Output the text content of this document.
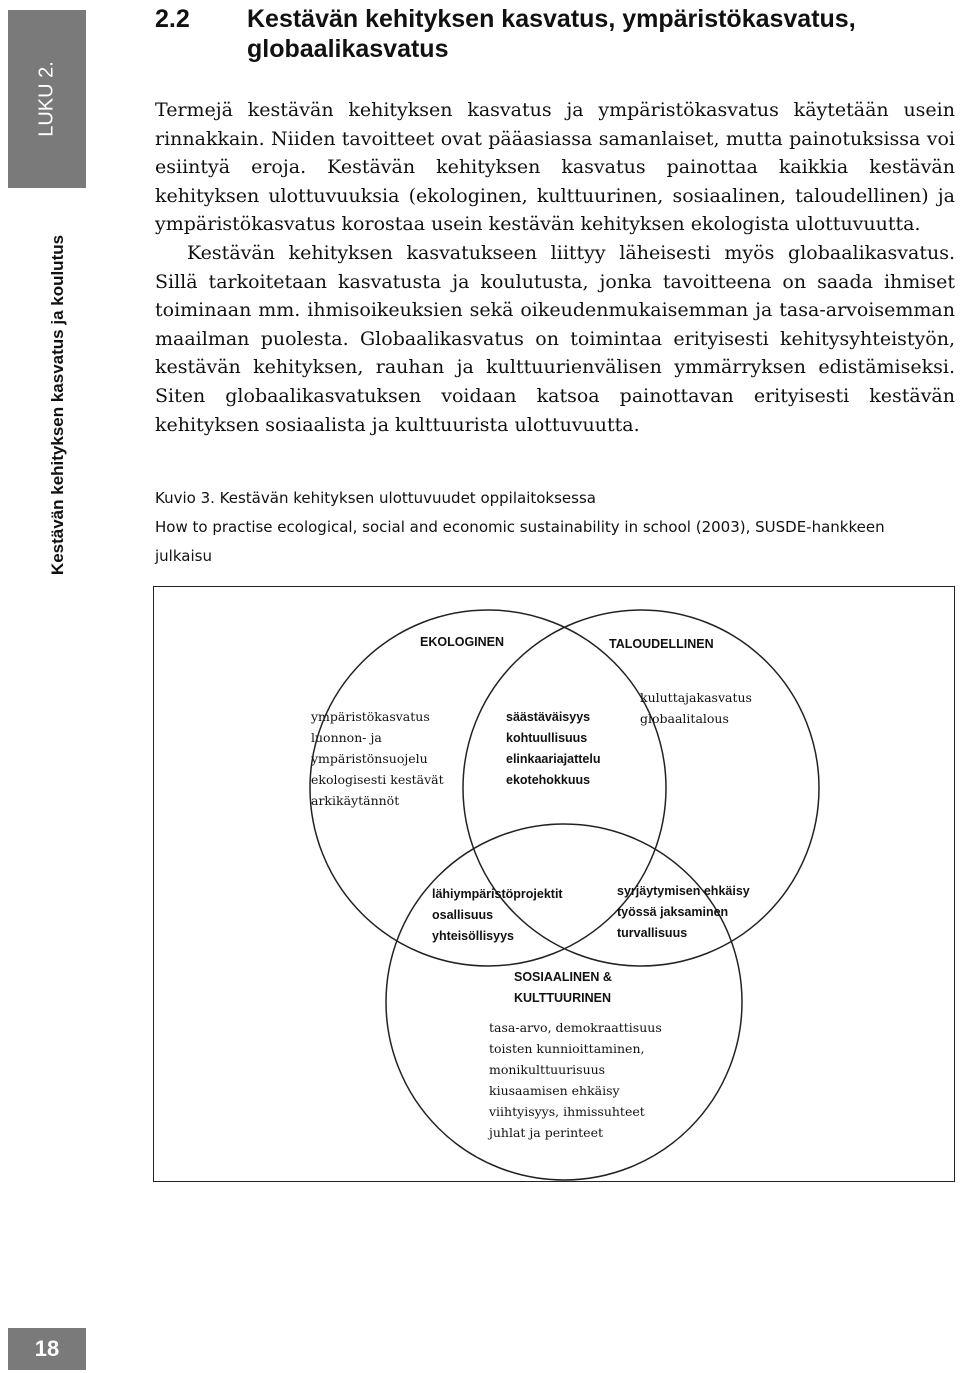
LUKU 2.
Kestävän kehityksen kasvatus ja koulutus
18
2.2 Kestävän kehityksen kasvatus, ympäristökasvatus, globaalikasvatus

Termejä kestävän kehityksen kasvatus ja ympäristökasvatus käytetään usein rinnakkain. Niiden tavoitteet ovat pääasiassa samanlaiset, mutta painotuksissa voi esiintyä eroja. Kestävän kehityksen kasvatus painottaa kaikkia kestävän kehityksen ulottuvuuksia (ekologinen, kulttuurinen, sosiaalinen, taloudellinen) ja ympäristökasvatus korostaa usein kestävän kehityksen ekologista ulottuvuutta.

Kestävän kehityksen kasvatukseen liittyy läheisesti myös globaalikasvatus. Sillä tarkoitetaan kasvatusta ja koulutusta, jonka tavoitteena on saada ihmiset toiminaan mm. ihmisoikeuksien sekä oikeudenmukaisemman ja tasa-arvoisemman maailman puolesta. Globaalikasvatus on toimintaa erityisesti kehitysyhteistyön, kestävän kehityksen, rauhan ja kulttuurienvälisen ymmärryksen edistämiseksi. Siten globaalikasvatuksen voidaan katsoa painottavan erityisesti kestävän kehityksen sosiaalista ja kulttuurista ulottuvuutta.

Kuvio 3. Kestävän kehityksen ulottuvuudet oppilaitoksessa

How to practise ecological, social and economic sustainability in school (2003), SUSDE-hankkeen julkaisu

EKOLOGINEN	TALOUDELLINEN

ympäristökasvatus

luonnon- ja

ympäristönsuojelu

ekologisesti kestävät

arkikäytännöt

säästäväisyys

kohtuullisuus

elinkaariajattelu

ekotehokkuus

kuluttajakasvatus

globaalitalous

lähiympäristöprojektit

osallisuus

yhteisöllisyys

syrjäytymisen ehkäisy

työssä jaksaminen

turvallisuus

SOSIAALINEN & KULTTUURINEN

tasa-arvo, demokraattisuus

toisten kunnioittaminen,

monikulttuurisuus

kiusaamisen ehkäisy

viihtyisyys, ihmissuhteet

juhlat ja perinteet
